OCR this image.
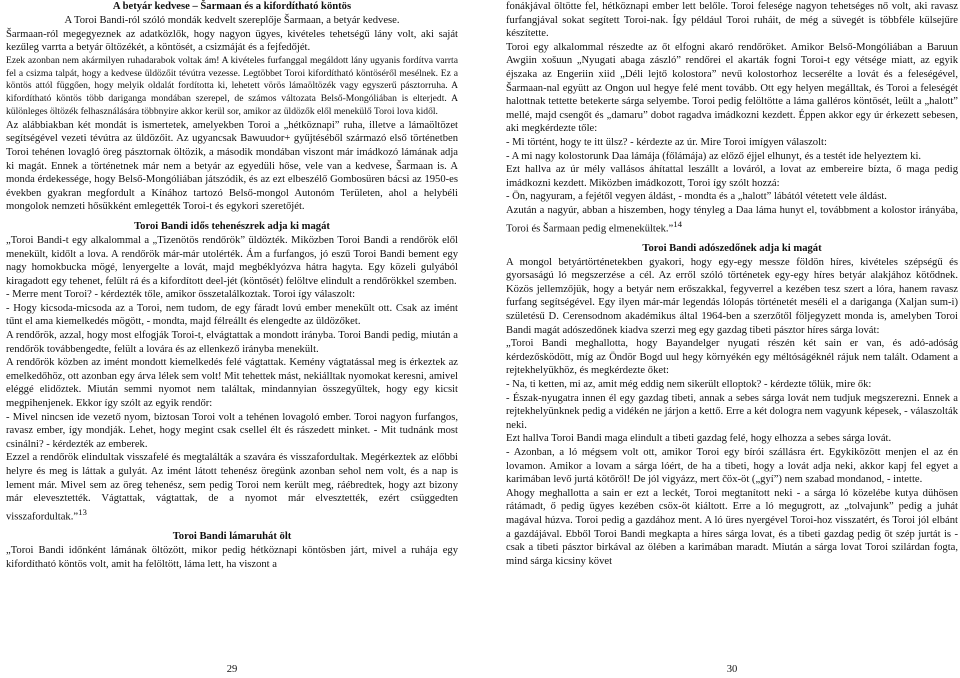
A betyár kedvese – Šarmaan és a kifordítható köntös

A Toroi Bandi-ról szóló mondák kedvelt szereplője Šarmaan, a betyár kedvese.

Šarmaan-ról megegyeznek az adatközlők, hogy nagyon ügyes, kivételes tehetségű lány volt, aki saját kezűleg varrta a betyár öltözékét, a köntösét, a csizmáját és a fejfedőjét.

Ezek azonban nem akármilyen ruhadarabok voltak ám! A kivételes furfanggal megáldott lány ugyanis fordítva varrta fel a csizma talpát, hogy a kedvese üldözőit tévútra vezesse. Legtöbbet Toroi kifordítható köntöséről mesélnek. Ez a köntös attól függően, hogy melyik oldalát fordította ki, lehetett vörös lámaöltözék vagy egyszerű pásztorruha. A kifordítható köntös több dariganga mondában szerepel, de számos változata Belső-Mongóliában is elterjedt. A különleges öltözék felhasználására többnyire akkor kerül sor, amikor az üldözők elől menekülő Toroi lova kidől.

Az alábbiakban két mondát is ismertetek, amelyekben Toroi a „hétköznapi” ruha, illetve a lámaöltözet segítségével vezeti tévútra az üldözőit. Az ugyancsak Bawuudor+ gyűjtéséből származó első történetben Toroi tehénen lovagló öreg pásztornak öltözik, a második mondában viszont már imádkozó lámának adja ki magát. Ennek a történetnek már nem a betyár az egyedüli hőse, vele van a kedvese, Šarmaan is. A monda érdekessége, hogy Belső-Mongóliában játszódik, és az ezt elbeszélő Gombosüren bácsi az 1950-es években gyakran megfordult a Kínához tartozó Belső-mongol Autonóm Területen, ahol a helybéli mongolok nemzeti hősükként emlegették Toroi-t és egykori szeretőjét.

Toroi Bandi idős tehenészrek adja ki magát

„Toroi Bandi-t egy alkalommal a „Tizenötös rendőrök” üldözték. Miközben Toroi Bandi a rendőrök elől menekült, kidőlt a lova. A rendőrök már-már utolérték. Ám a furfangos, jó eszű Toroi Bandi bement egy nagy homokbucka mögé, lenyergelte a lovát, majd megbéklyózva hátra hagyta. Egy közeli gulyából kiragadott egy tehenet, felült rá és a kifordított deel-jét (köntösét) felöltve elindult a rendőrökkel szemben.

- Merre ment Toroi? - kérdezték tőle, amikor összetalálkoztak. Toroi így válaszolt:

- Hogy kicsoda-micsoda az a Toroi, nem tudom, de egy fáradt lovú ember menekült ott. Csak az imént tűnt el ama kiemelkedés mögött, - mondta, majd félreállt és elengedte az üldözőket.

A rendőrök, azzal, hogy most elfogják Toroi-t, elvágtattak a mondott irányba. Toroi Bandi pedig, miután a rendőrök továbbengedte, felült a lovára és az ellenkező irányba menekült.

A rendőrök közben az imént mondott kiemelkedés felé vágtattak. Kemény vágtatással meg is érkeztek az emelkedőhöz, ott azonban egy árva lélek sem volt! Mit tehettek mást, nekiálltak nyomokat keresni, amivel eléggé elidőztek. Miután semmi nyomot nem találtak, mindannyian összegyűltek, hogy egy kicsit megpihenjenek. Ekkor így szólt az egyik rendőr:

- Mivel nincsen ide vezető nyom, biztosan Toroi volt a tehénen lovagoló ember. Toroi nagyon furfangos, ravasz ember, így mondják. Lehet, hogy megint csak csellel élt és rászedett minket. - Mit tudnánk most csinálni? - kérdezték az emberek.

Ezzel a rendőrök elindultak visszafelé és megtalálták a szavára és visszafordultak. Megérkeztek az előbbi helyre és meg is láttak a gulyát. Az imént látott tehenész öregünk azonban sehol nem volt, és a nap is lement már. Mivel sem az öreg tehenész, sem pedig Toroi nem került meg, ráébredtek, hogy azt bizony már elevesztették. Vágtattak, vágtattak, de a nyomot már elvesztették, ezért csüggedten visszafordultak.”$^{13}$

Toroi Bandi lámaruhát ölt

„Toroi Bandi időnként lámának öltözött, mikor pedig hétköznapi köntösben járt, mivel a ruhája egy kifordítható köntös volt, amit ha felöltött, láma lett, ha viszont a

29

fonákjával öltötte fel, hétköznapi ember lett belőle. Toroi felesége nagyon tehetséges nő volt, aki ravasz furfangjával sokat segített Toroi-nak. Így például Toroi ruháit, de még a süvegét is többféle külsejűre készítette.

Toroi egy alkalommal részedte az őt elfogni akaró rendőröket. Amikor Belső-Mongóliában a Baruun Awgiin xošuun „Nyugati abaga zászló” rendőrei el akarták fogni Toroi-t egy vétsége miatt, az egyik éjszaka az Engeriin xiid „Déli lejtő kolostora” nevű kolostorhoz lecserélte a lovát és a feleségével, Šarmaan-nal együtt az Ongon uul hegye felé ment tovább. Ott egy helyen megálltak, és Toroi a feleségét halottnak tettette betekerte sárga selyembe. Toroi pedig felöltötte a láma galléros köntösét, leült a „halott” mellé, majd csengőt és „damaru” dobot ragadva imádkozni kezdett. Éppen akkor egy úr érkezett sebesen, aki megkérdezte tőle:

- Mi történt, hogy te itt ülsz? - kérdezte az úr. Mire Toroi imígyen válaszolt:

- A mi nagy kolostorunk Daa lámája (főlámája) az előző éjjel elhunyt, és a testét ide helyeztem ki.

Ezt hallva az úr mély vallásos áhítattal leszállt a lováról, a lovat az embereire bízta, ő maga pedig imádkozni kezdett. Miközben imádkozott, Toroi így szólt hozzá:

- Ön, nagyuram, a fejétől vegyen áldást, - mondta és a „halott” lábától vétetett vele áldást.

Azután a nagyúr, abban a hiszemben, hogy tényleg a Daa láma hunyt el, továbbment a kolostor irányába, Toroi és Šarmaan pedig elmenekültek.”$^{14}$

Toroi Bandi adószedőnek adja ki magát

A mongol betyártörténetekben gyakori, hogy egy-egy messze földön híres, kivételes szépségű és gyorsaságú ló megszerzése a cél. Az erről szóló történetek egy-egy híres betyár alakjához kötődnek. Közös jellemzőjük, hogy a betyár nem erőszakkal, fegyverrel a kezében tesz szert a lóra, hanem ravasz furfang segítségével. Egy ilyen már-már legendás lólopás történetét meséli el a dariganga (Xaljan sum-i) születésű D. Cerensodnom akadémikus által 1964-ben a szerzőtől följegyzett monda is, amelyben Toroi Bandi magát adószedőnek kiadva szerzi meg egy gazdag tibeti pásztor híres sárga lovát:

„Toroi Bandi meghallotta, hogy Bayandelger nyugati részén két sain er van, és adó-adóság kérdezősködött, míg az Öndör Bogd uul hegy környékén egy méltóságéknél rájuk nem talált. Odament a rejtekhelyükhöz, és megkérdezte őket:

- Na, ti ketten, mi az, amit még eddig nem sikerült elloptok? - kérdezte tőlük, mire ők:

- Észak-nyugatra innen él egy gazdag tibeti, annak a sebes sárga lovát nem tudjuk megszerezni. Ennek a rejtekhelyünknek pedig a vidékén ne járjon a kettő. Erre a két dologra nem vagyunk képesek, - válaszolták neki.

Ezt hallva Toroi Bandi maga elindult a tibeti gazdag felé, hogy elhozza a sebes sárga lovát.

- Azonban, a ló mégsem volt ott, amikor Toroi egy bírói szállásra ért. Egykiközött menjen el az én lovamon. Amikor a lovam a sárga lóért, de ha a tibeti, hogy a lovát adja neki, akkor kapj fel egyet a karimában levő jurtá kötőről! De jól vigyázz, mert čöx-öt („gyí”) nem szabad mondanod, - intette.

Ahogy meghallotta a sain er ezt a leckét, Toroi megtanított neki - a sárga ló közelébe kutya dühösen rátámadt, ő pedig ügyes kezében csöx-öt kiáltott. Erre a ló megugrott, az „tolvajunk” pedig a juhát magával húzva. Toroi pedig a gazdához ment. A ló üres nyergével Toroi-hoz visszatért, és Toroi jól elbánt a gazdájával. Ebből Toroi Bandi megkapta a híres sárga lovat, és a tibeti gazdag pedig öt szép jurtát is - csak a tibeti pásztor birkával az ölében a karimában maradt. Miután a sárga lovat Toroi szilárdan fogta, mind sárga kicsiny követ

30
